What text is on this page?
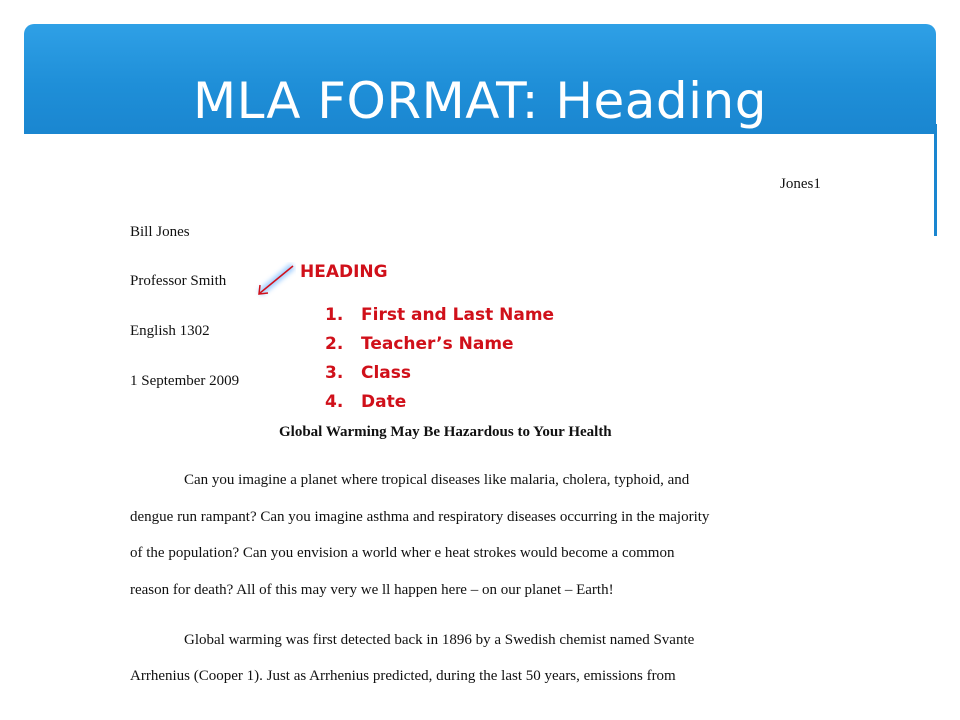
MLA FORMAT: Heading
Jones1
Bill Jones
Professor Smith
English 1302
1 September 2009
HEADING
1. First and Last Name
2. Teacher’s Name
3. Class
4. Date
Global Warming May Be Hazardous to Your Health
Can you imagine a planet where tropical diseases like malaria, cholera, typhoid, and
dengue run rampant? Can you imagine asthma and respiratory diseases occurring in the majority
of the population? Can you envision a world wher e heat strokes would become a common
reason for death? All of this may very we ll happen here – on our planet – Earth!
Global warming was first detected back in 1896 by a Swedish chemist named Svante
Arrhenius (Cooper 1). Just as Arrhenius predicted, during the last 50 years, emissions from
